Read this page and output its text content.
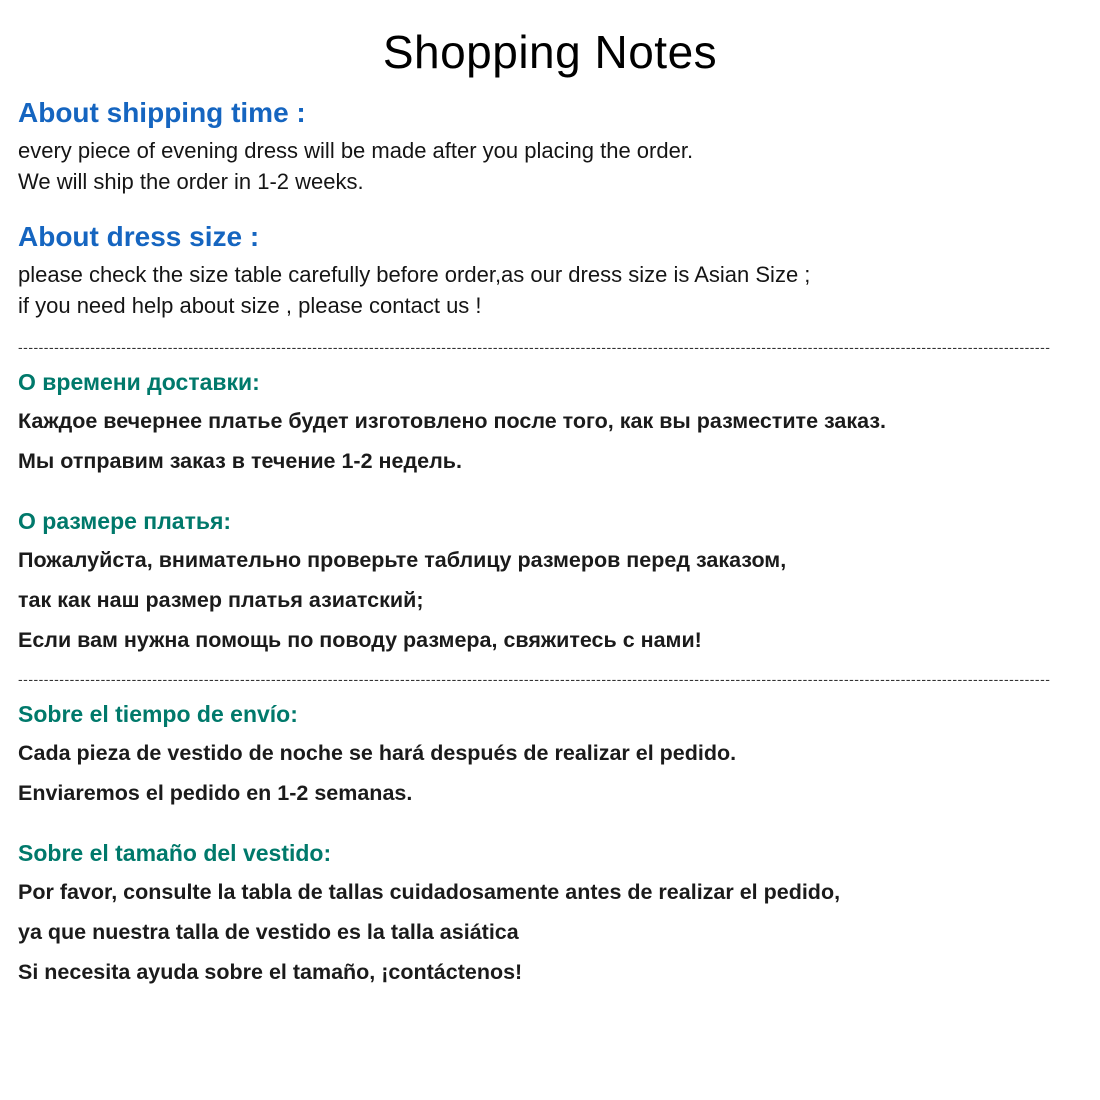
Shopping Notes
About shipping time :

every piece of evening dress will be made after you placing the order.

We will ship the order in 1-2 weeks.

About dress size :

please check the size table carefully before order,as our dress size is Asian Size ;

if you need help about size , please contact us !

--------------------------------------------------------------------------------------------------------------------------------------------------------------------------------------------------------
О времени доставки:

Каждое вечернее платье будет изготовлено после того, как вы разместите заказ.

Мы отправим заказ в течение 1-2 недель.

О размере платья:

Пожалуйста, внимательно проверьте таблицу размеров перед заказом,

так как наш размер платья азиатский;

Если вам нужна помощь по поводу размера, свяжитесь с нами!

--------------------------------------------------------------------------------------------------------------------------------------------------------------------------------------------------------
Sobre el tiempo de envío:

Cada pieza de vestido de noche se hará después de realizar el pedido.

Enviaremos el pedido en 1-2 semanas.

Sobre el tamaño del vestido:

Por favor, consulte la tabla de tallas cuidadosamente antes de realizar el pedido,

ya que nuestra talla de vestido es la talla asiática

Si necesita ayuda sobre el tamaño, ¡contáctenos!
